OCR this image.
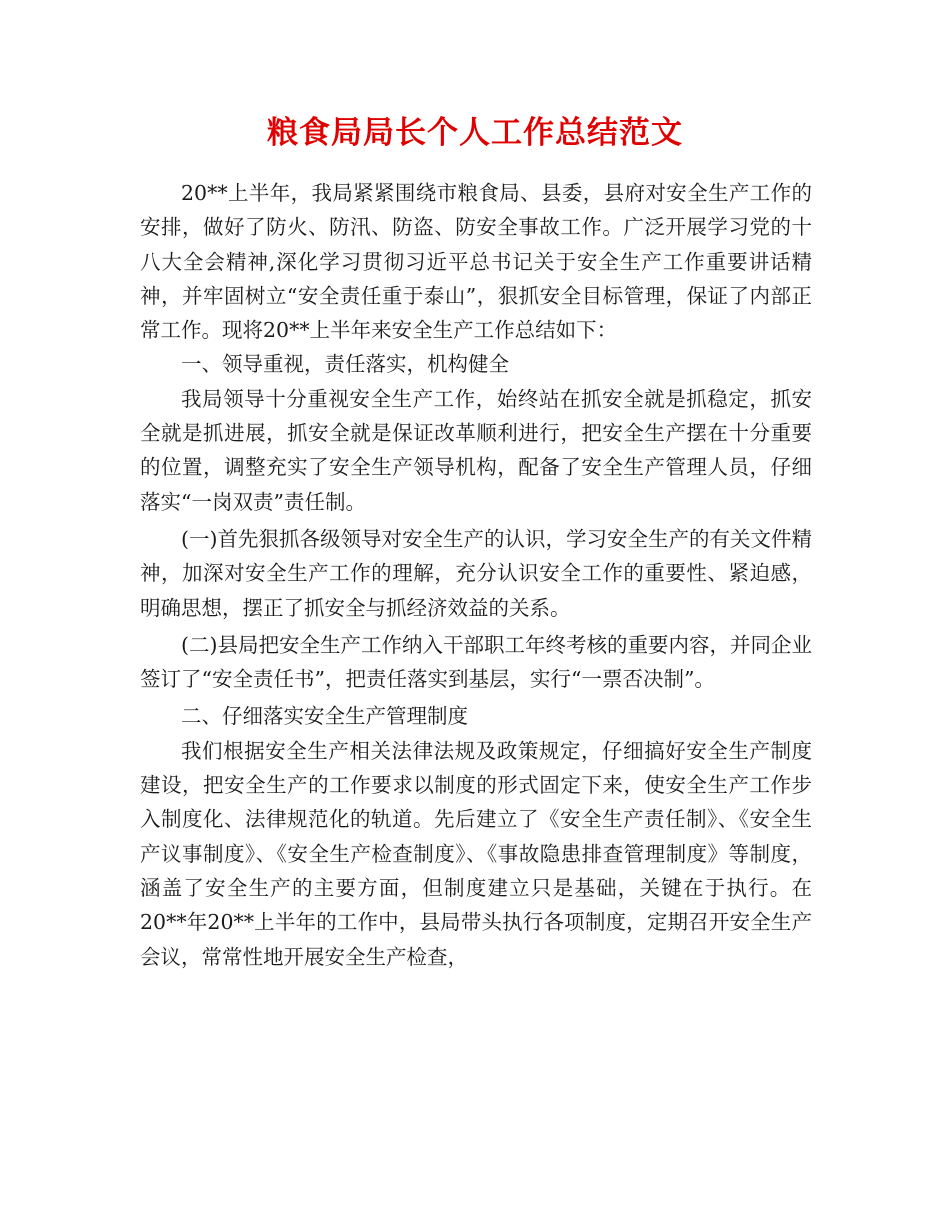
粮食局局长个人工作总结范文

20**上半年，我局紧紧围绕市粮食局、县委，县府对安全生产工作的安排，做好了防火、防汛、防盗、防安全事故工作。广泛开展学习党的十八大全会精神,深化学习贯彻习近平总书记关于安全生产工作重要讲话精神，并牢固树立“安全责任重于泰山”，狠抓安全目标管理，保证了内部正常工作。现将20**上半年来安全生产工作总结如下：

一、领导重视，责任落实，机构健全

我局领导十分重视安全生产工作，始终站在抓安全就是抓稳定，抓安全就是抓进展，抓安全就是保证改革顺利进行，把安全生产摆在十分重要的位置，调整充实了安全生产领导机构，配备了安全生产管理人员，仔细落实“一岗双责”责任制。

(一)首先狠抓各级领导对安全生产的认识，学习安全生产的有关文件精神，加深对安全生产工作的理解，充分认识安全工作的重要性、紧迫感，明确思想，摆正了抓安全与抓经济效益的关系。

(二)县局把安全生产工作纳入干部职工年终考核的重要内容，并同企业签订了“安全责任书”，把责任落实到基层，实行“一票否决制”。

二、仔细落实安全生产管理制度

我们根据安全生产相关法律法规及政策规定，仔细搞好安全生产制度建设，把安全生产的工作要求以制度的形式固定下来，使安全生产工作步入制度化、法律规范化的轨道。先后建立了《安全生产责任制》、《安全生产议事制度》、《安全生产检查制度》、《事故隐患排查管理制度》等制度，涵盖了安全生产的主要方面，但制度建立只是基础，关键在于执行。在20**年20**上半年的工作中，县局带头执行各项制度，定期召开安全生产会议，常常性地开展安全生产检查，
